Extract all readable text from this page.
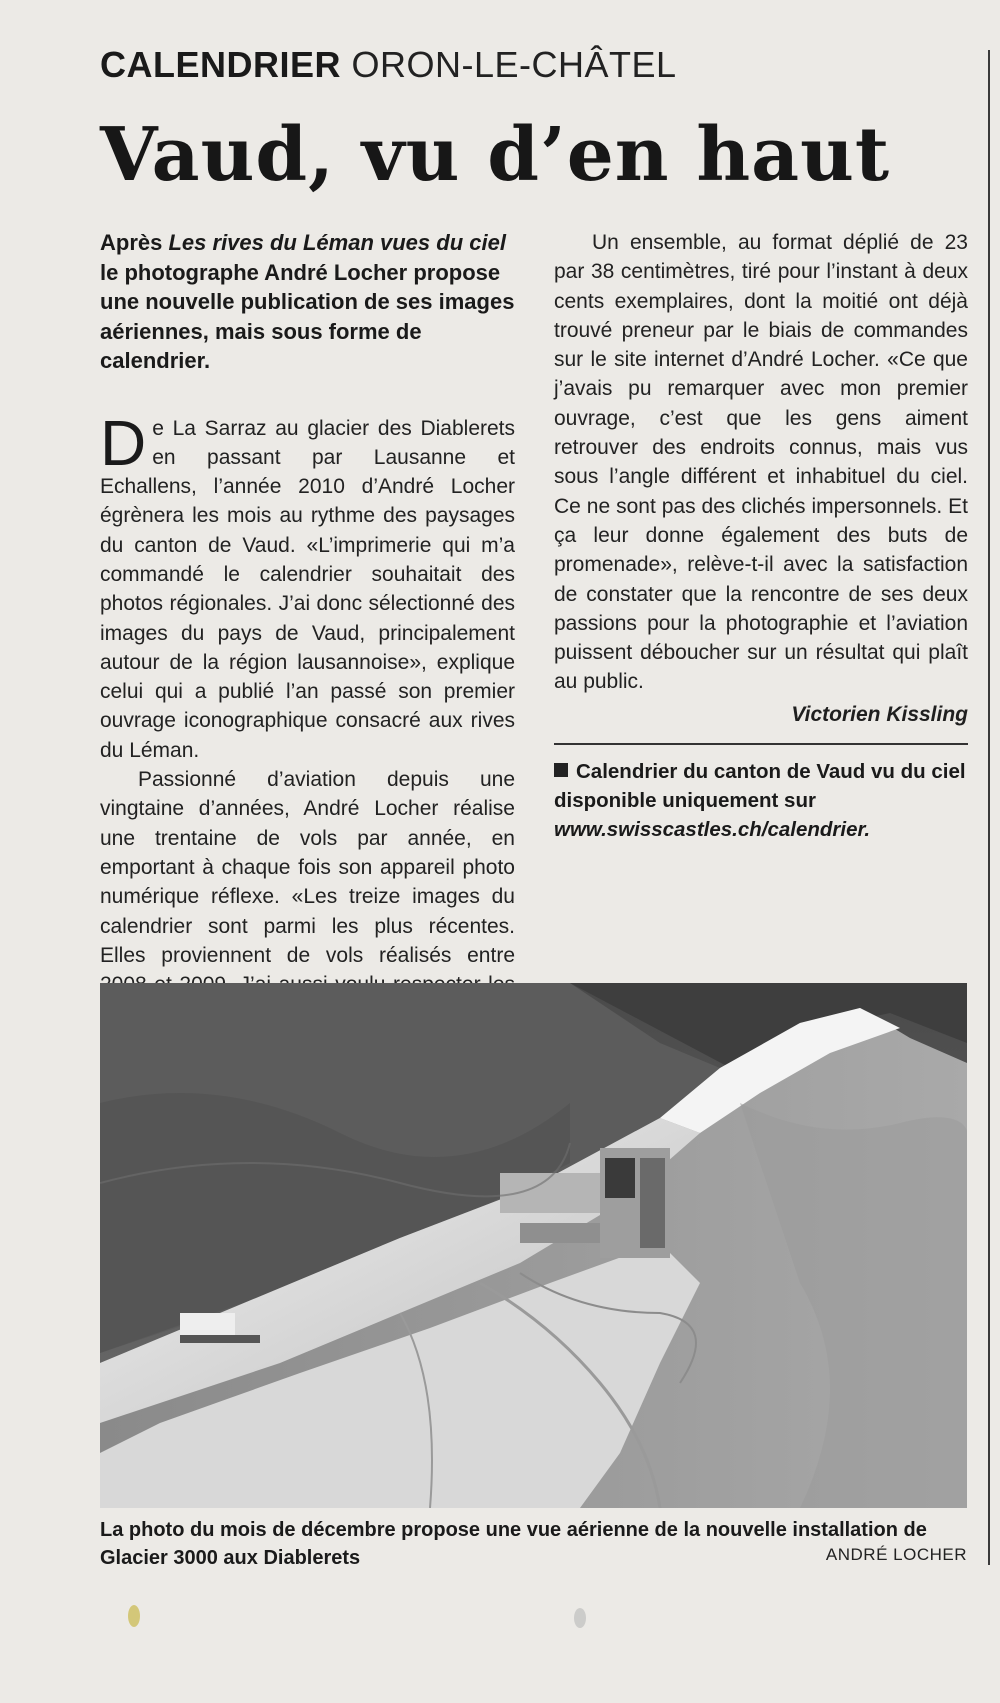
CALENDRIER ORON-LE-CHÂTEL
Vaud, vu d’en haut

Après Les rives du Léman vues du ciel le photographe André Locher propose une nouvelle publication de ses images aériennes, mais sous forme de calendrier.

De La Sarraz au glacier des Diablerets en passant par Lausanne et Echallens, l’année 2010 d’André Locher égrènera les mois au rythme des paysages du canton de Vaud. «L’imprimerie qui m’a commandé le calendrier souhaitait des photos régionales. J’ai donc sélectionné des images du pays de Vaud, principalement autour de la région lausannoise», explique celui qui a publié l’an passé son premier ouvrage iconographique consacré aux rives du Léman.

Passionné d’aviation depuis une vingtaine d’années, André Locher réalise une trentaine de vols par année, en emportant à chaque fois son appareil photo numérique réflexe. «Les treize images du calendrier sont parmi les plus récentes. Elles proviennent de vols réalisés entre

Un ensemble, au format déplié de 23 par 38 centimètres, tiré pour l’instant à deux cents exemplaires, dont la moitié ont déjà trouvé preneur par le biais de commandes sur le site internet d’André Locher. «Ce que j’avais pu remarquer avec mon premier ouvrage, c’est que les gens aiment retrouver des endroits connus, mais vus sous l’angle différent et inhabituel du ciel. Ce ne sont pas des clichés impersonnels. Et ça leur donne également des buts de promenade», relève-t-il avec la satisfaction de constater que la rencontre de ses deux passions pour la photographie et l’aviation puissent déboucher sur un résultat qui plaît au public.

Victorien Kissling

Calendrier du canton de Vaud vu du ciel disponible uniquement sur www.swisscastles.ch/calendrier.

La photo du mois de décembre propose une vue aérienne de la nouvelle installation de Glacier 3000 aux Diablerets	ANDRÉ LOCHER
